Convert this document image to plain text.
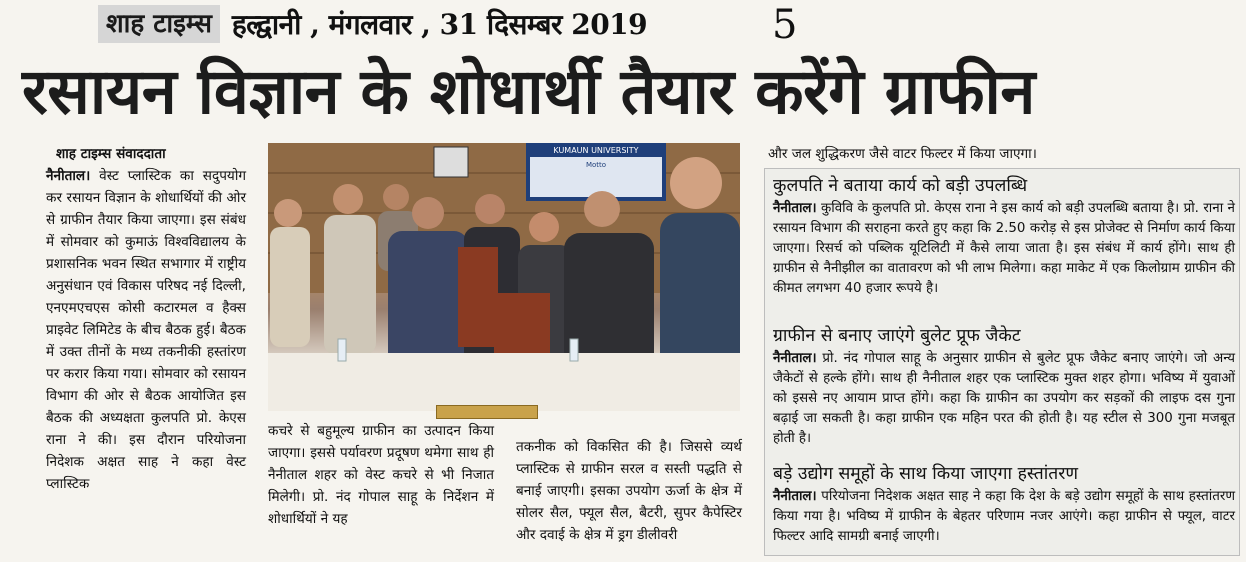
शाह टाइम्स हल्द्वानी , मंगलवार , 31 दिसम्बर 2019	5
रसायन विज्ञान के शोधार्थी तैयार करेंगे ग्राफीन
शाह टाइम्स संवाददाता
नैनीताल। वेस्ट प्लास्टिक का सदुपयोग कर रसायन विज्ञान के शोधार्थियों की ओर से ग्राफीन तैयार किया जाएगा। इस संबंध में सोमवार को कुमाऊं विश्वविद्यालय के प्रशासनिक भवन स्थित सभागार में राष्ट्रीय अनुसंधान एवं विकास परिषद नई दिल्ली, एनएमएचएस कोसी कटारमल व हैक्स प्राइवेट लिमिटेड के बीच बैठक हुई। बैठक में उक्त तीनों के मध्य तकनीकी हस्तांरण पर करार किया गया। सोमवार को रसायन विभाग की ओर से बैठक आयोजित इस बैठक की अध्यक्षता कुलपति प्रो. केएस राना ने की। इस दौरान परियोजना निदेशक अक्षत साह ने कहा वेस्ट प्लास्टिक
KUMAUN UNIVERSITY
Motto
कचरे से बहुमूल्य ग्राफीन का उत्पादन किया जाएगा। इससे पर्यावरण प्रदूषण थमेगा साथ ही नैनीताल शहर को वेस्ट कचरे से भी निजात मिलेगी। प्रो. नंद गोपाल साहू के निर्देशन में शोधार्थियों ने यह
तकनीक को विकसित की है। जिससे व्यर्थ प्लास्टिक से ग्राफीन सरल व सस्ती पद्धति से बनाई जाएगी। इसका उपयोग ऊर्जा के क्षेत्र में सोलर सैल, फ्यूल सैल, बैटरी, सुपर कैपेस्टिर और दवाई के क्षेत्र में ड्रग डीलीवरी
और जल शुद्धिकरण जैसे वाटर फिल्टर में किया जाएगा।
कुलपति ने बताया कार्य को बड़ी उपलब्धि

नैनीताल। कुविवि के कुलपति प्रो. केएस राना ने इस कार्य को बड़ी उपलब्धि बताया है। प्रो. राना ने रसायन विभाग की सराहना करते हुए कहा कि 2.50 करोड़ से इस प्रोजेक्ट से निर्माण कार्य किया जाएगा। रिसर्च को पब्लिक यूटिलिटी में कैसे लाया जाता है। इस संबंध में कार्य होंगे। साथ ही ग्राफीन से नैनीझील का वातावरण को भी लाभ मिलेगा। कहा माकेट में एक किलोग्राम ग्राफीन की कीमत लगभग 40 हजार रूपये है।

ग्राफीन से बनाए जाएंगे बुलेट प्रूफ जैकेट

नैनीताल। प्रो. नंद गोपाल साहू के अनुसार ग्राफीन से बुलेट प्रूफ जैकेट बनाए जाएंगे। जो अन्य जैकेटों से हल्के होंगे। साथ ही नैनीताल शहर एक प्लास्टिक मुक्त शहर होगा। भविष्य में युवाओं को इससे नए आयाम प्राप्त होंगे। कहा कि ग्राफीन का उपयोग कर सड़कों की लाइफ दस गुना बढ़ाई जा सकती है। कहा ग्राफीन एक महिन परत की होती है। यह स्टील से 300 गुना मजबूत होती है।

बड़े उद्योग समूहों के साथ किया जाएगा हस्तांतरण

नैनीताल। परियोजना निदेशक अक्षत साह ने कहा कि देश के बड़े उद्योग समूहों के साथ हस्तांतरण किया गया है। भविष्य में ग्राफीन के बेहतर परिणाम नजर आएंगे। कहा ग्राफीन से फ्यूल, वाटर फिल्टर आदि सामग्री बनाई जाएगी।
